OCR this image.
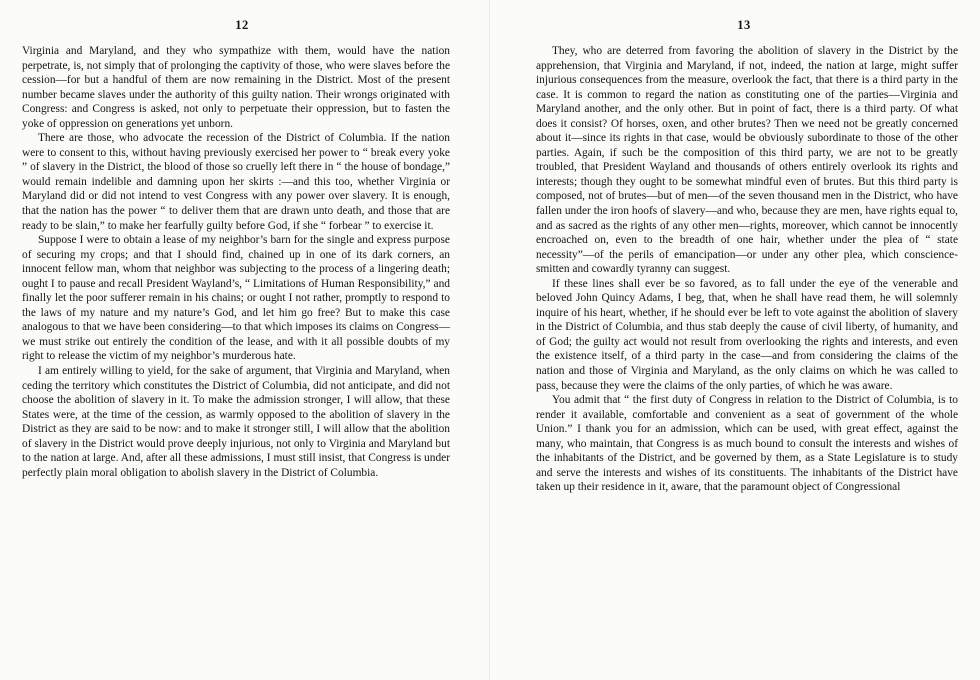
12

Virginia and Maryland, and they who sympathize with them, would have the nation perpetrate, is, not simply that of prolonging the captivity of those, who were slaves before the cession—for but a handful of them are now remaining in the District. Most of the present number became slaves under the authority of this guilty nation. Their wrongs originated with Congress: and Congress is asked, not only to perpetuate their oppression, but to fasten the yoke of oppression on generations yet unborn.

There are those, who advocate the recession of the District of Columbia. If the nation were to consent to this, without having previously exercised her power to “ break every yoke ” of slavery in the District, the blood of those so cruelly left there in “ the house of bondage,” would remain indelible and damning upon her skirts :—and this too, whether Virginia or Maryland did or did not intend to vest Congress with any power over slavery. It is enough, that the nation has the power “ to deliver them that are drawn unto death, and those that are ready to be slain,” to make her fearfully guilty before God, if she “ forbear ” to exercise it.

Suppose I were to obtain a lease of my neighbor’s barn for the single and express purpose of securing my crops; and that I should find, chained up in one of its dark corners, an innocent fellow man, whom that neighbor was subjecting to the process of a lingering death; ought I to pause and recall President Wayland’s, “ Limitations of Human Responsibility,” and finally let the poor sufferer remain in his chains; or ought I not rather, promptly to respond to the laws of my nature and my nature’s God, and let him go free? But to make this case analogous to that we have been considering—to that which imposes its claims on Congress—we must strike out entirely the condition of the lease, and with it all possible doubts of my right to release the victim of my neighbor’s murderous hate.

I am entirely willing to yield, for the sake of argument, that Virginia and Maryland, when ceding the territory which constitutes the District of Columbia, did not anticipate, and did not choose the abolition of slavery in it. To make the admission stronger, I will allow, that these States were, at the time of the cession, as warmly opposed to the abolition of slavery in the District as they are said to be now: and to make it stronger still, I will allow that the abolition of slavery in the District would prove deeply injurious, not only to Virginia and Maryland but to the nation at large. And, after all these admissions, I must still insist, that Congress is under perfectly plain moral obligation to abolish slavery in the District of Columbia.

13

They, who are deterred from favoring the abolition of slavery in the District by the apprehension, that Virginia and Maryland, if not, indeed, the nation at large, might suffer injurious consequences from the measure, overlook the fact, that there is a third party in the case. It is common to regard the nation as constituting one of the parties—Virginia and Maryland another, and the only other. But in point of fact, there is a third party. Of what does it consist? Of horses, oxen, and other brutes? Then we need not be greatly concerned about it—since its rights in that case, would be obviously subordinate to those of the other parties. Again, if such be the composition of this third party, we are not to be greatly troubled, that President Wayland and thousands of others entirely overlook its rights and interests; though they ought to be somewhat mindful even of brutes. But this third party is composed, not of brutes—but of men—of the seven thousand men in the District, who have fallen under the iron hoofs of slavery—and who, because they are men, have rights equal to, and as sacred as the rights of any other men—rights, moreover, which cannot be innocently encroached on, even to the breadth of one hair, whether under the plea of “ state necessity”—of the perils of emancipation—or under any other plea, which conscience-smitten and cowardly tyranny can suggest.

If these lines shall ever be so favored, as to fall under the eye of the venerable and beloved John Quincy Adams, I beg, that, when he shall have read them, he will solemnly inquire of his heart, whether, if he should ever be left to vote against the abolition of slavery in the District of Columbia, and thus stab deeply the cause of civil liberty, of humanity, and of God; the guilty act would not result from overlooking the rights and interests, and even the existence itself, of a third party in the case—and from considering the claims of the nation and those of Virginia and Maryland, as the only claims on which he was called to pass, because they were the claims of the only parties, of which he was aware.

You admit that “ the first duty of Congress in relation to the District of Columbia, is to render it available, comfortable and convenient as a seat of government of the whole Union.” I thank you for an admission, which can be used, with great effect, against the many, who maintain, that Congress is as much bound to consult the interests and wishes of the inhabitants of the District, and be governed by them, as a State Legislature is to study and serve the interests and wishes of its constituents. The inhabitants of the District have taken up their residence in it, aware, that the paramount object of Congressional
